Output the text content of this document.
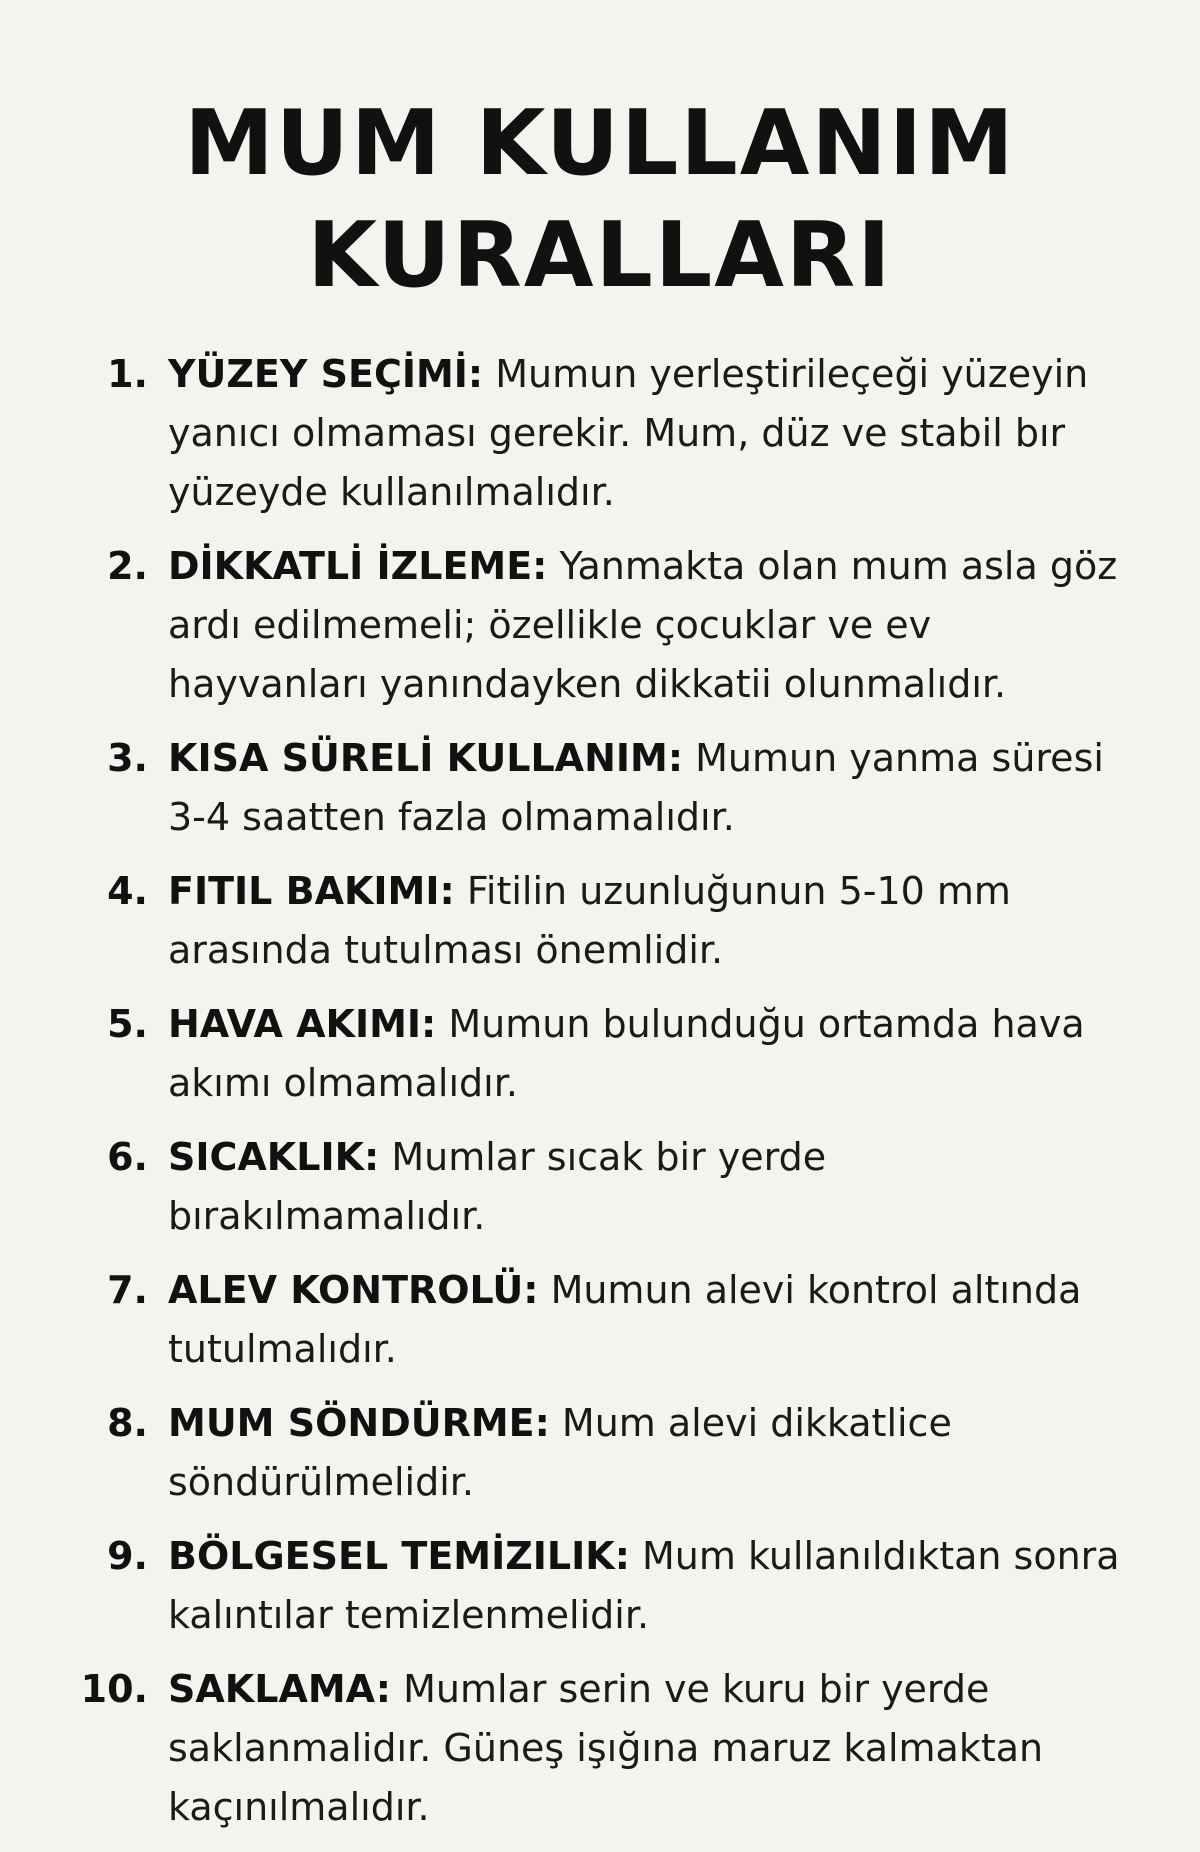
MUM KULLANIM
KURALLARI
1. YÜZEY SEÇİMİ: Mumun yerleştirileçeği yüzeyin yanıcı olmaması gerekir. Mum, düz ve stabil bır yüzeyde kullanılmalıdır.
2. DİKKATLİ İZLEME: Yanmakta olan mum asla göz ardı edilmemeli; özellikle çocuklar ve ev hayvanları yanındayken dikkatii olunmalıdır.
3. KISA SÜRELİ KULLANIM: Mumun yanma süresi 3-4 saatten fazla olmamalıdır.
4. FITIL BAKIMI: Fitilin uzunluğunun 5-10 mm arasında tutulması önemlidir.
5. HAVA AKIMI: Mumun bulunduğu ortamda hava akımı olmamalıdır.
6. SICAKLIK: Mumlar sıcak bir yerde bırakılmamalıdır.
7. ALEV KONTROLÜ: Mumun alevi kontrol altında tutulmalıdır.
8. MUM SÖNDÜRME: Mum alevi dikkatlice söndürülmelidir.
9. BÖLGESEL TEMİZILIK: Mum kullanıldıktan sonra kalıntılar temizlenmelidir.
10. SAKLAMA: Mumlar serin ve kuru bir yerde saklanmalidır. Güneş işığına maruz kalmaktan kaçınılmalıdır.
